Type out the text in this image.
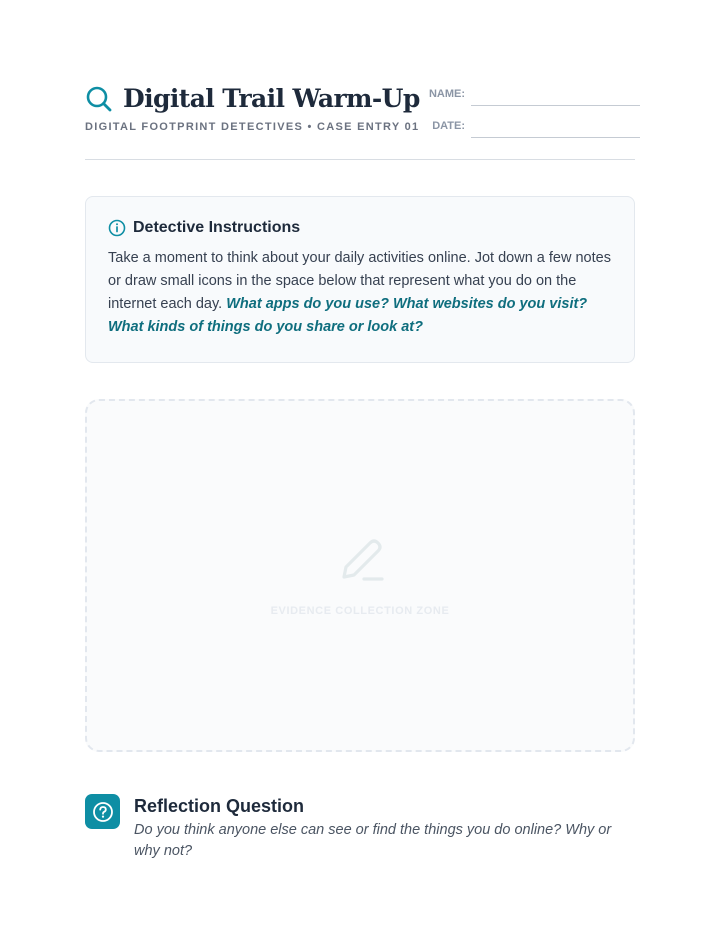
Digital Trail Warm-Up
DIGITAL FOOTPRINT DETECTIVES • CASE ENTRY 01
NAME:
DATE:
Detective Instructions

Take a moment to think about your daily activities online. Jot down a few notes or draw small icons in the space below that represent what you do on the internet each day. What apps do you use? What websites do you visit? What kinds of things do you share or look at?

EVIDENCE COLLECTION ZONE
Reflection Question
Do you think anyone else can see or find the things you do online? Why or why not?
